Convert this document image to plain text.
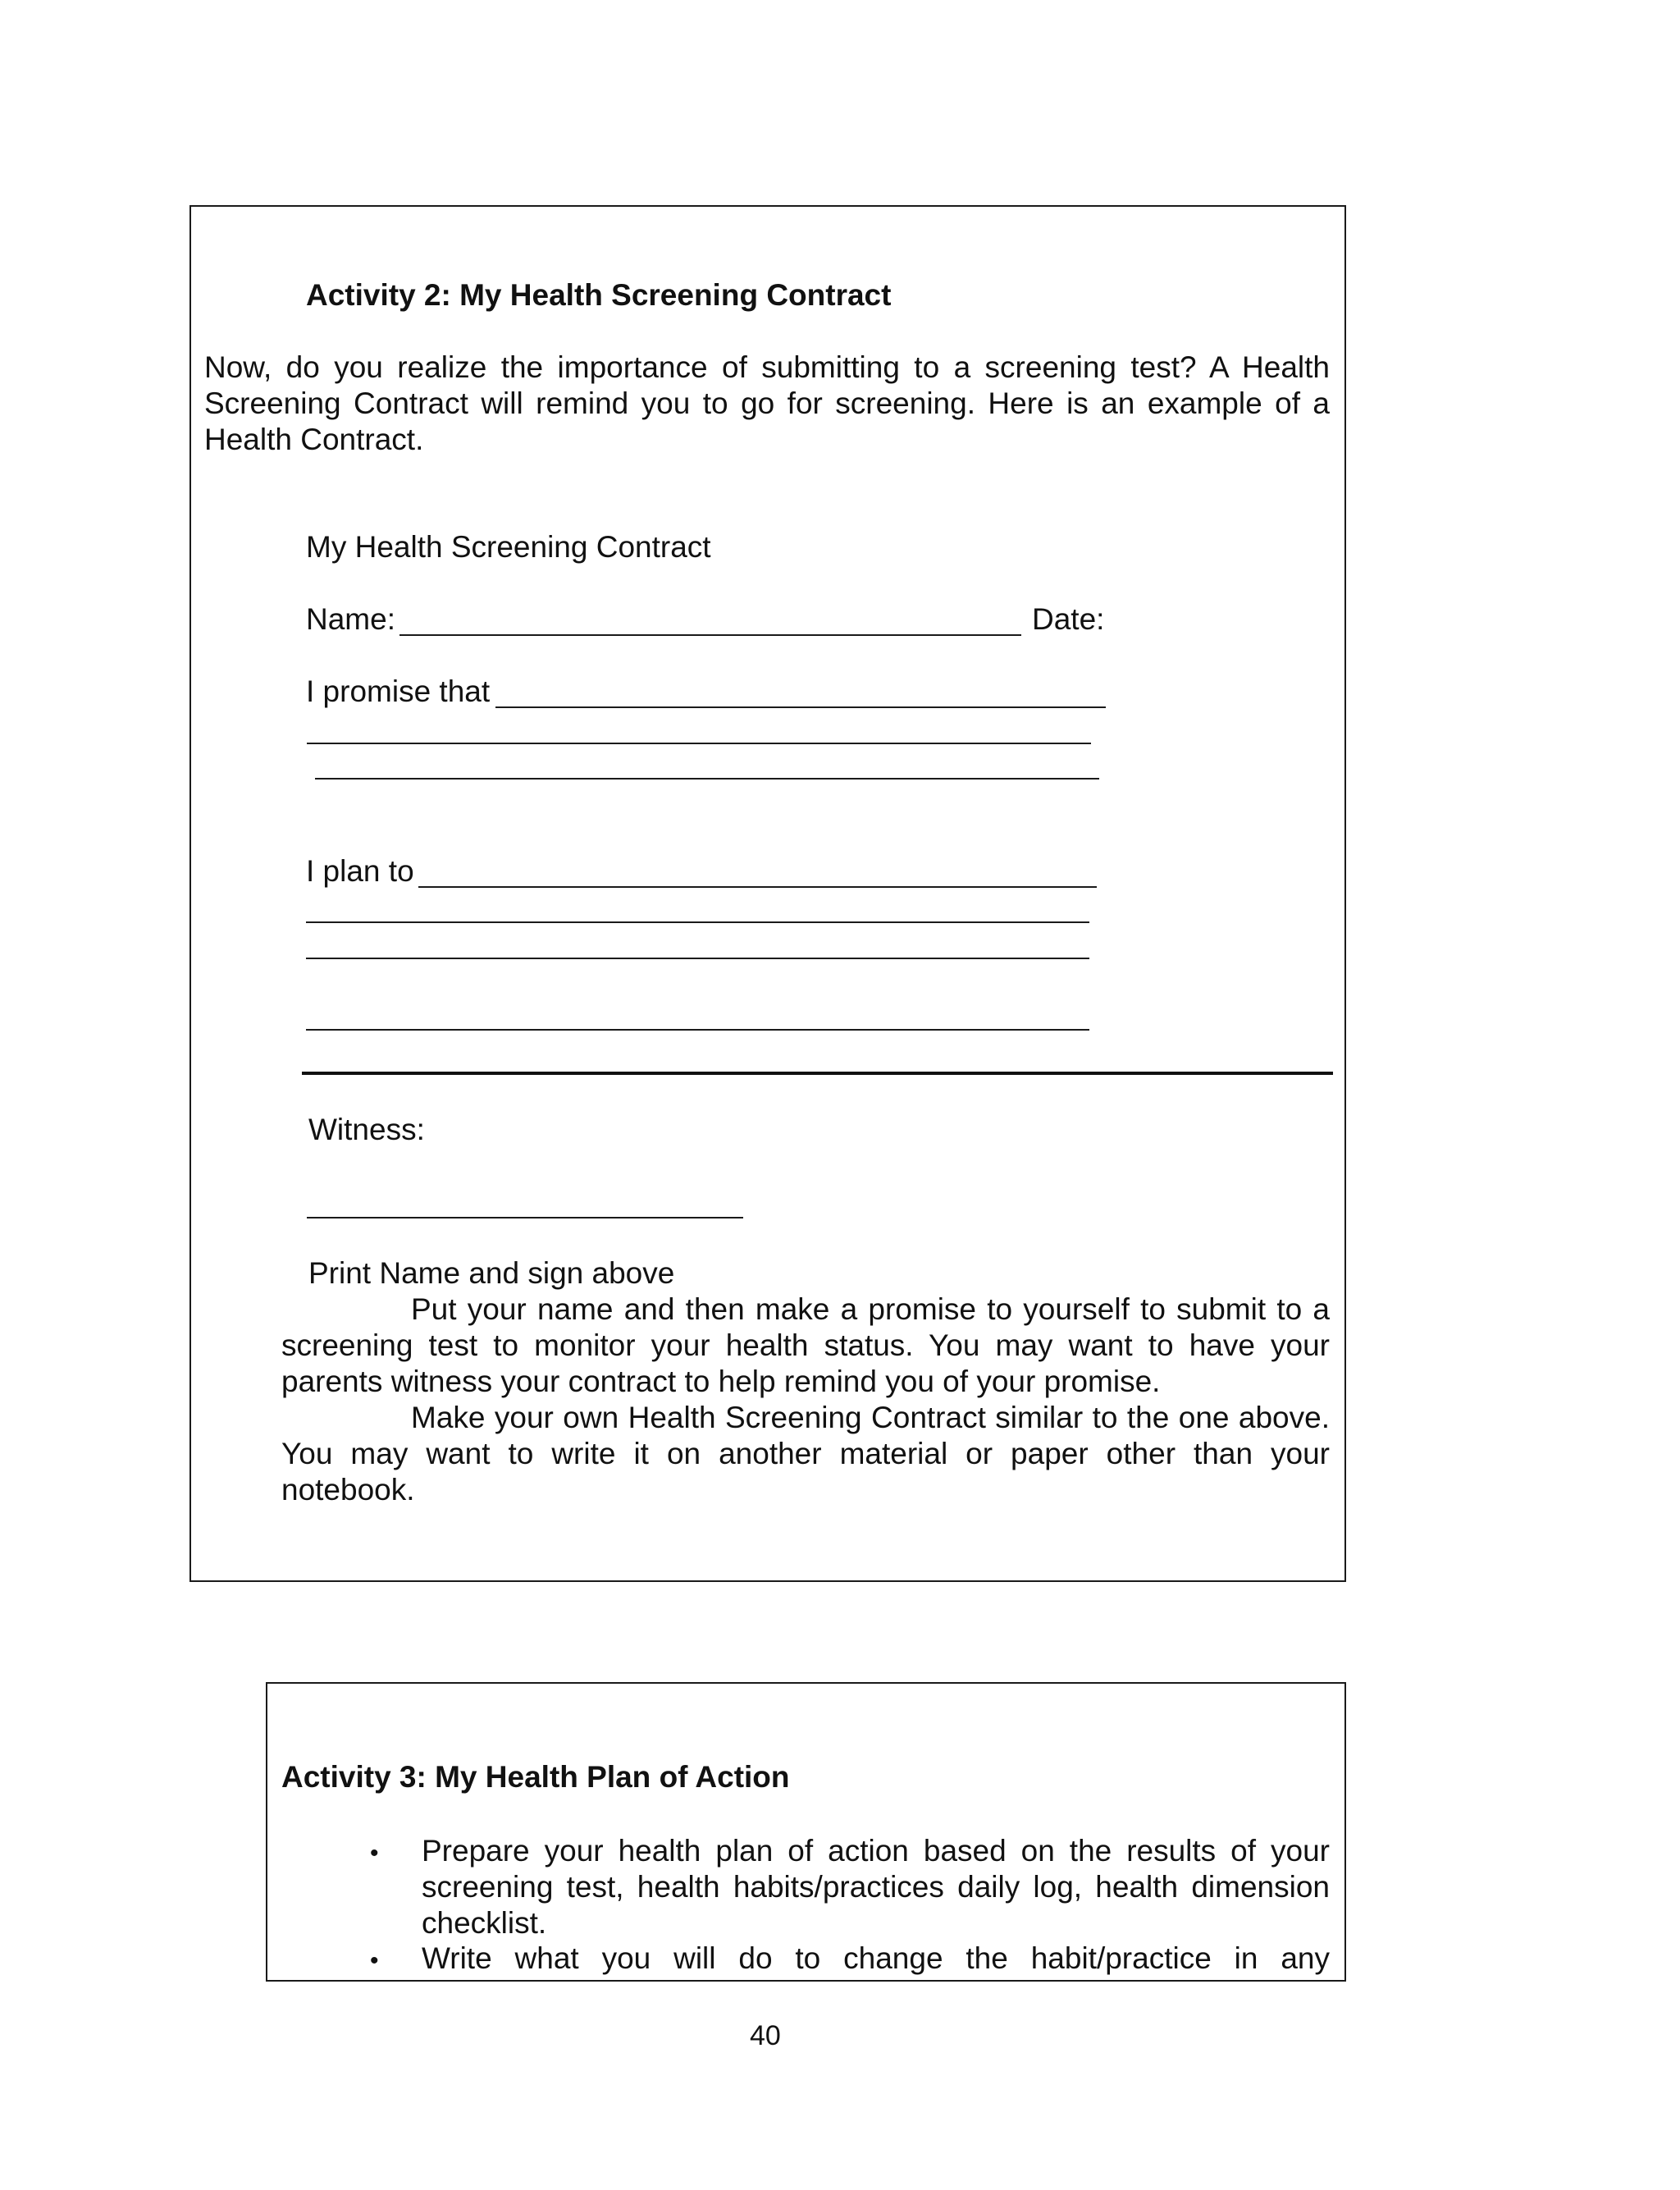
Activity 2: My Health Screening Contract

Now, do you realize the importance of submitting to a screening test? A Health Screening Contract will remind you to go for screening. Here is an example of a Health Contract.

My Health Screening Contract

Name:	Date:

I promise that

I plan to

Witness:

Print Name and sign above

Put your name and then make a promise to yourself to submit to a screening test to monitor your health status. You may want to have your parents witness your contract to help remind you of your promise.

Make your own Health Screening Contract similar to the one above. You may want to write it on another material or paper other than your notebook.

Activity 3: My Health Plan of Action

• Prepare your health plan of action based on the results of your screening test, health habits/practices daily log, health dimension checklist.

• Write what you will do to change the habit/practice in any

40
